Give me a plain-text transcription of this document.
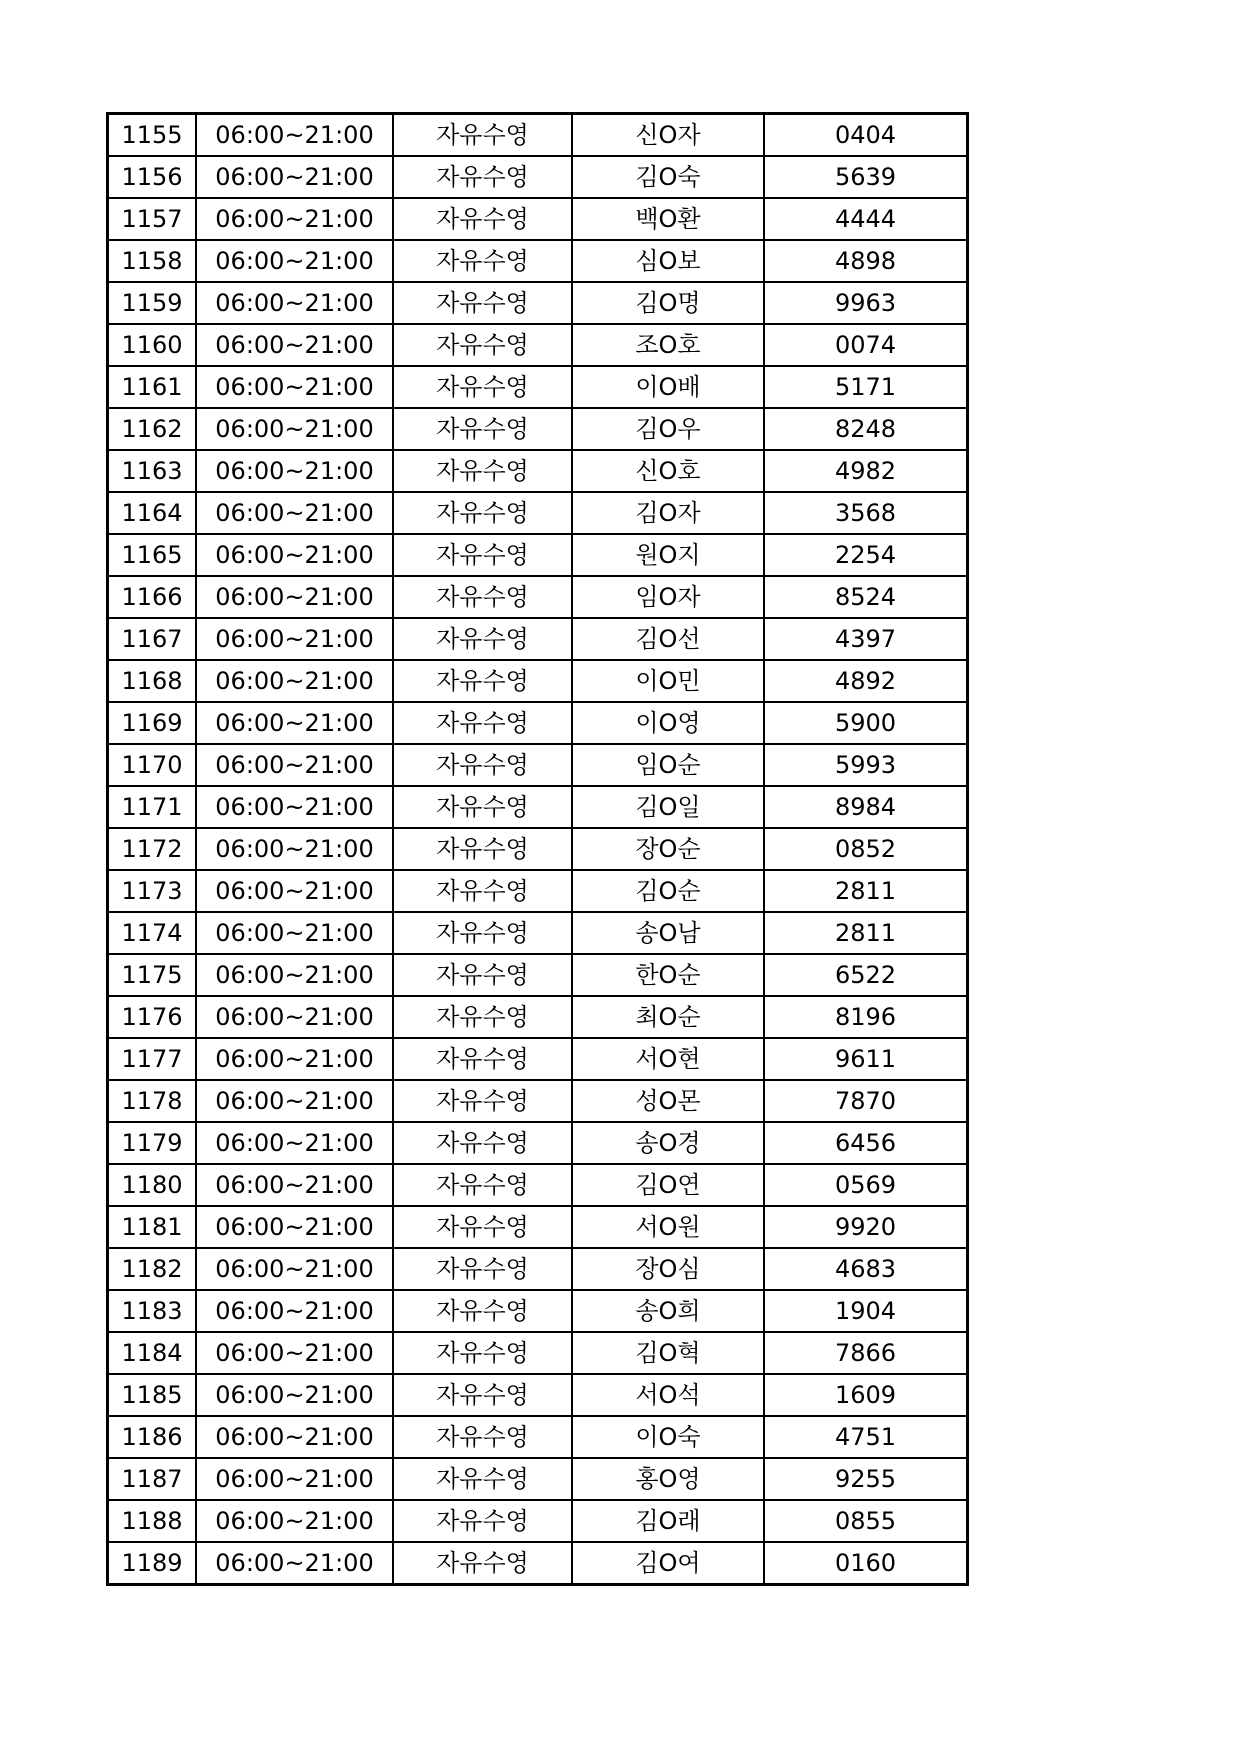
1155	06:00~21:00	자유수영	신O자	0404
1156	06:00~21:00	자유수영	김O숙	5639
1157	06:00~21:00	자유수영	백O환	4444
1158	06:00~21:00	자유수영	심O보	4898
1159	06:00~21:00	자유수영	김O명	9963
1160	06:00~21:00	자유수영	조O호	0074
1161	06:00~21:00	자유수영	이O배	5171
1162	06:00~21:00	자유수영	김O우	8248
1163	06:00~21:00	자유수영	신O호	4982
1164	06:00~21:00	자유수영	김O자	3568
1165	06:00~21:00	자유수영	원O지	2254
1166	06:00~21:00	자유수영	임O자	8524
1167	06:00~21:00	자유수영	김O선	4397
1168	06:00~21:00	자유수영	이O민	4892
1169	06:00~21:00	자유수영	이O영	5900
1170	06:00~21:00	자유수영	임O순	5993
1171	06:00~21:00	자유수영	김O일	8984
1172	06:00~21:00	자유수영	장O순	0852
1173	06:00~21:00	자유수영	김O순	2811
1174	06:00~21:00	자유수영	송O남	2811
1175	06:00~21:00	자유수영	한O순	6522
1176	06:00~21:00	자유수영	최O순	8196
1177	06:00~21:00	자유수영	서O현	9611
1178	06:00~21:00	자유수영	성O몬	7870
1179	06:00~21:00	자유수영	송O경	6456
1180	06:00~21:00	자유수영	김O연	0569
1181	06:00~21:00	자유수영	서O원	9920
1182	06:00~21:00	자유수영	장O심	4683
1183	06:00~21:00	자유수영	송O희	1904
1184	06:00~21:00	자유수영	김O혁	7866
1185	06:00~21:00	자유수영	서O석	1609
1186	06:00~21:00	자유수영	이O숙	4751
1187	06:00~21:00	자유수영	홍O영	9255
1188	06:00~21:00	자유수영	김O래	0855
1189	06:00~21:00	자유수영	김O여	0160
